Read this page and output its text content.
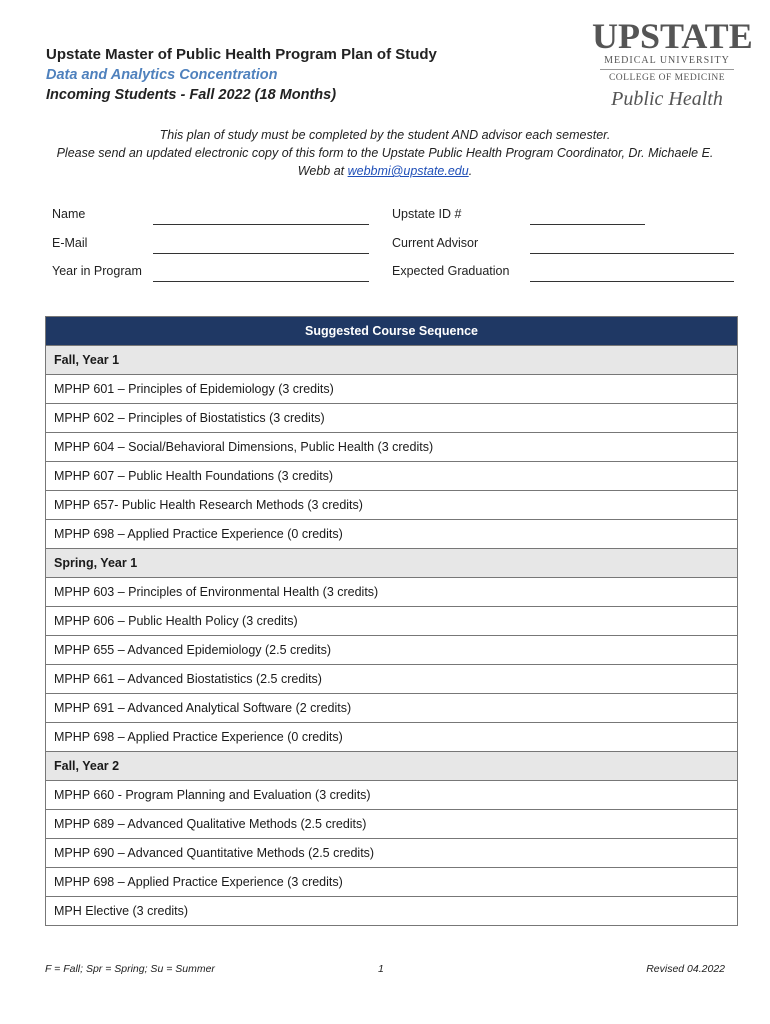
Upstate Master of Public Health Program Plan of Study
Data and Analytics Concentration
Incoming Students - Fall 2022 (18 Months)
UPSTATE
MEDICAL UNIVERSITY
COLLEGE OF MEDICINE
Public Health
This plan of study must be completed by the student AND advisor each semester.
Please send an updated electronic copy of this form to the Upstate Public Health Program Coordinator, Dr. Michaele E. Webb at webbmi@upstate.edu.
Name	Upstate ID #
E-Mail	Current Advisor
Year in Program	Expected Graduation
Suggested Course Sequence
Fall, Year 1
MPHP 601 – Principles of Epidemiology (3 credits)
MPHP 602 – Principles of Biostatistics (3 credits)
MPHP 604 – Social/Behavioral Dimensions, Public Health (3 credits)
MPHP 607 – Public Health Foundations (3 credits)
MPHP 657- Public Health Research Methods (3 credits)
MPHP 698 – Applied Practice Experience (0 credits)
Spring, Year 1
MPHP 603 – Principles of Environmental Health (3 credits)
MPHP 606 – Public Health Policy (3 credits)
MPHP 655 – Advanced Epidemiology (2.5 credits)
MPHP 661 – Advanced Biostatistics (2.5 credits)
MPHP 691 – Advanced Analytical Software (2 credits)
MPHP 698 – Applied Practice Experience (0 credits)
Fall, Year 2
MPHP 660 - Program Planning and Evaluation (3 credits)
MPHP 689 – Advanced Qualitative Methods (2.5 credits)
MPHP 690 – Advanced Quantitative Methods (2.5 credits)
MPHP 698 – Applied Practice Experience (3 credits)
MPH Elective (3 credits)
F = Fall; Spr = Spring; Su = Summer	1	Revised 04.2022
